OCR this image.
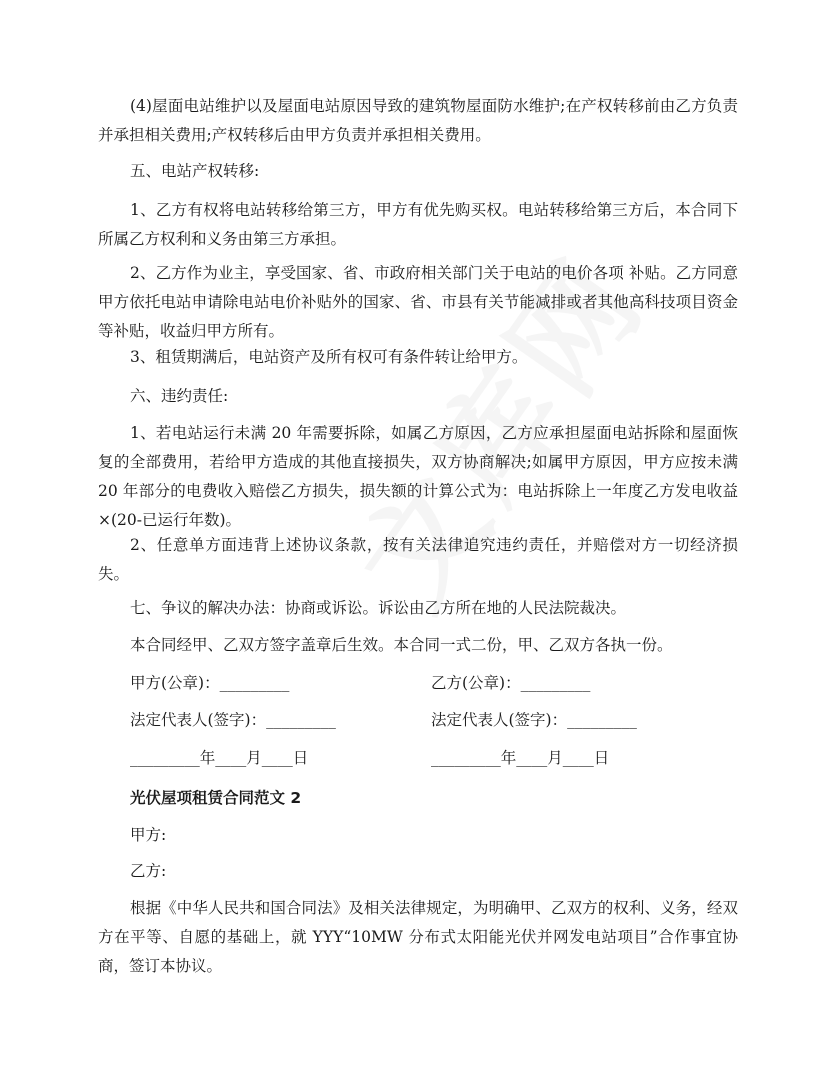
(4)屋面电站维护以及屋面电站原因导致的建筑物屋面防水维护;在产权转移前由乙方负责并承担相关费用;产权转移后由甲方负责并承担相关费用。

五、电站产权转移:

1、乙方有权将电站转移给第三方，甲方有优先购买权。电站转移给第三方后，本合同下所属乙方权利和义务由第三方承担。

2、乙方作为业主，享受国家、省、市政府相关部门关于电站的电价各项 补贴。乙方同意甲方依托电站申请除电站电价补贴外的国家、省、市县有关节能减排或者其他高科技项目资金等补贴，收益归甲方所有。

3、租赁期满后，电站资产及所有权可有条件转让给甲方。

六、违约责任:

1、若电站运行未满 20 年需要拆除，如属乙方原因，乙方应承担屋面电站拆除和屋面恢复的全部费用，若给甲方造成的其他直接损失，双方协商解决;如属甲方原因，甲方应按未满 20 年部分的电费收入赔偿乙方损失，损失额的计算公式为：电站拆除上一年度乙方发电收益×(20-已运行年数)。

2、任意单方面违背上述协议条款，按有关法律追究违约责任，并赔偿对方一切经济损失。

七、争议的解决办法：协商或诉讼。诉讼由乙方所在地的人民法院裁决。

本合同经甲、乙双方签字盖章后生效。本合同一式二份，甲、乙双方各执一份。

甲方(公章)：_________	乙方(公章)：_________
法定代表人(签字)：_________	法定代表人(签字)：_________
_________年____月____日	_________年____月____日
光伏屋项租赁合同范文 2
甲方:
乙方:

根据《中华人民共和国合同法》及相关法律规定，为明确甲、乙双方的权利、义务，经双方在平等、自愿的基础上，就 YYY“10MW 分布式太阳能光伏并网发电站项目”合作事宜协商，签订本协议。
